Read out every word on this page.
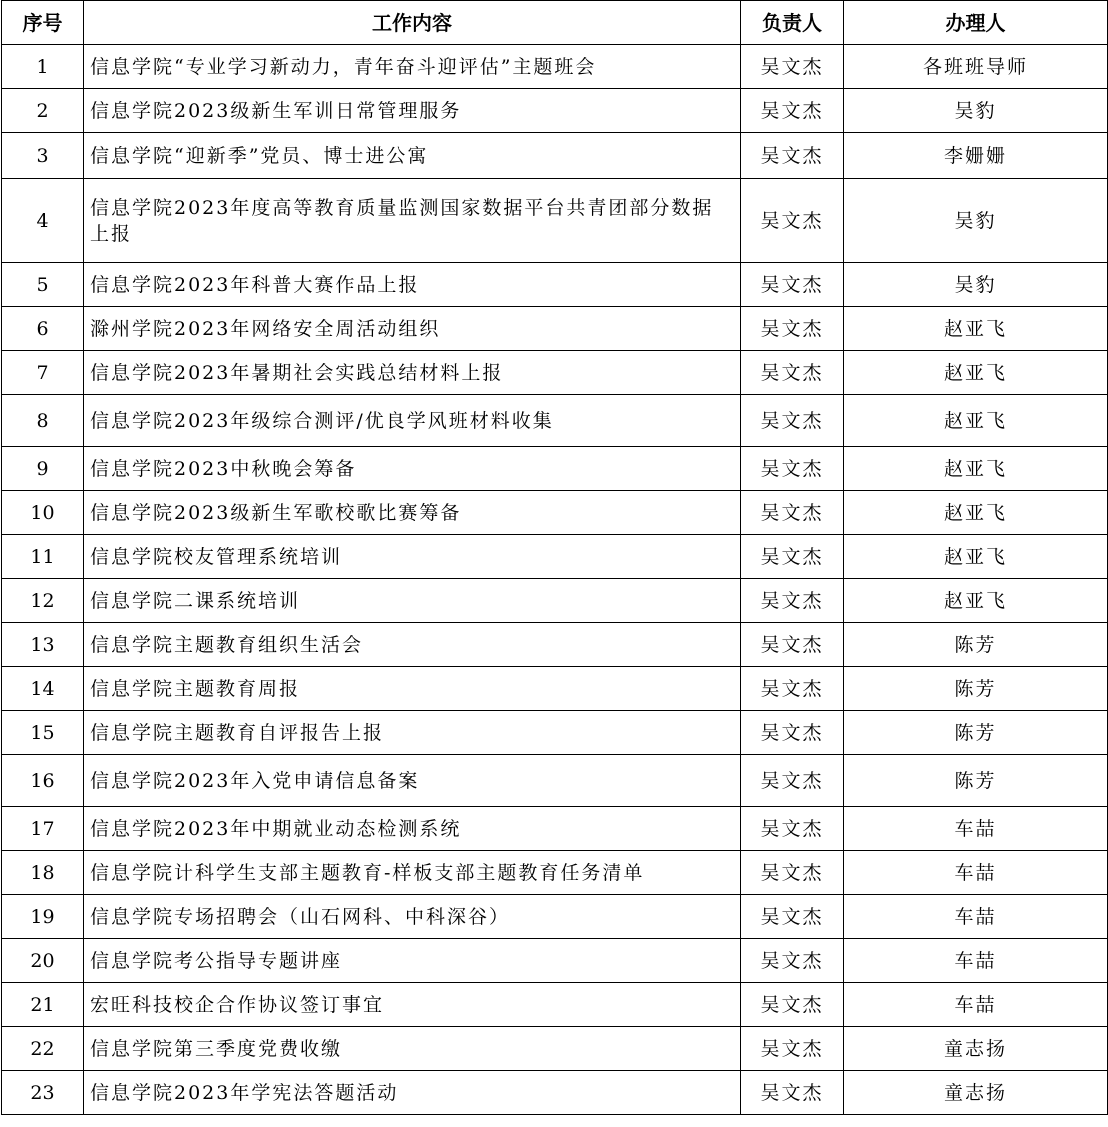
序号	工作内容	负责人	办理人
1	信息学院“专业学习新动力，青年奋斗迎评估”主题班会	吴文杰	各班班导师
2	信息学院2023级新生军训日常管理服务	吴文杰	吴豹
3	信息学院“迎新季”党员、博士进公寓	吴文杰	李姗姗
4	信息学院2023年度高等教育质量监测国家数据平台共青团部分数据上报	吴文杰	吴豹
5	信息学院2023年科普大赛作品上报	吴文杰	吴豹
6	滁州学院2023年网络安全周活动组织	吴文杰	赵亚飞
7	信息学院2023年暑期社会实践总结材料上报	吴文杰	赵亚飞
8	信息学院2023年级综合测评/优良学风班材料收集	吴文杰	赵亚飞
9	信息学院2023中秋晚会筹备	吴文杰	赵亚飞
10	信息学院2023级新生军歌校歌比赛筹备	吴文杰	赵亚飞
11	信息学院校友管理系统培训	吴文杰	赵亚飞
12	信息学院二课系统培训	吴文杰	赵亚飞
13	信息学院主题教育组织生活会	吴文杰	陈芳
14	信息学院主题教育周报	吴文杰	陈芳
15	信息学院主题教育自评报告上报	吴文杰	陈芳
16	信息学院2023年入党申请信息备案	吴文杰	陈芳
17	信息学院2023年中期就业动态检测系统	吴文杰	车喆
18	信息学院计科学生支部主题教育-样板支部主题教育任务清单	吴文杰	车喆
19	信息学院专场招聘会（山石网科、中科深谷）	吴文杰	车喆
20	信息学院考公指导专题讲座	吴文杰	车喆
21	宏旺科技校企合作协议签订事宜	吴文杰	车喆
22	信息学院第三季度党费收缴	吴文杰	童志扬
23	信息学院2023年学宪法答题活动	吴文杰	童志扬
